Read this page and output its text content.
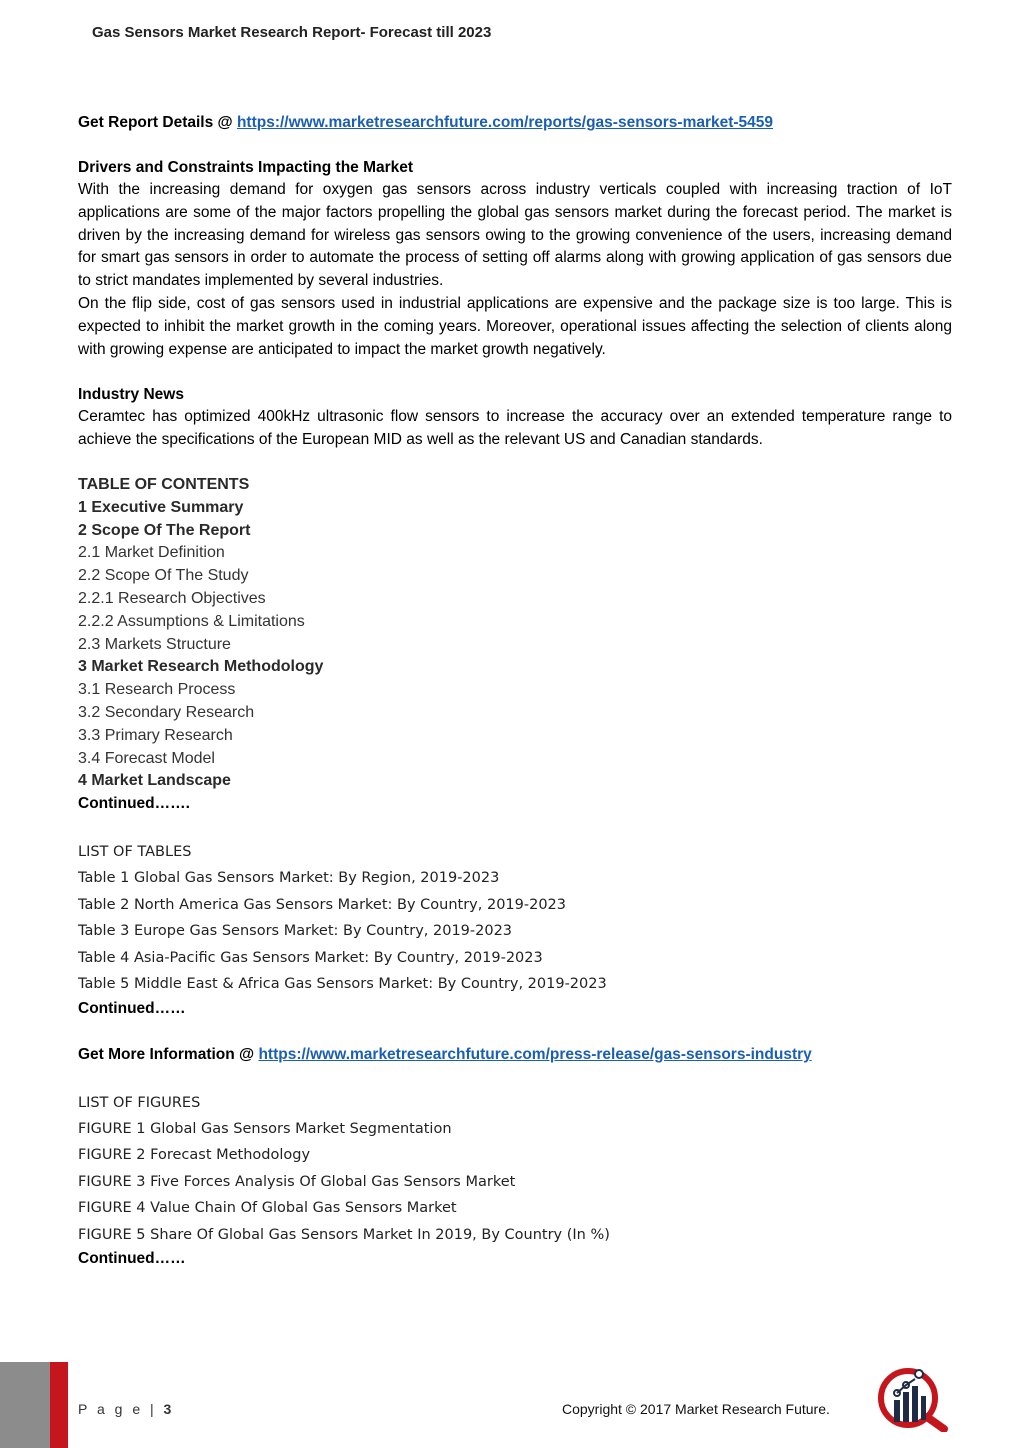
Gas Sensors Market Research Report- Forecast till 2023
Get Report Details @ https://www.marketresearchfuture.com/reports/gas-sensors-market-5459
Drivers and Constraints Impacting the Market

With the increasing demand for oxygen gas sensors across industry verticals coupled with increasing traction of IoT applications are some of the major factors propelling the global gas sensors market during the forecast period. The market is driven by the increasing demand for wireless gas sensors owing to the growing convenience of the users, increasing demand for smart gas sensors in order to automate the process of setting off alarms along with growing application of gas sensors due to strict mandates implemented by several industries.

On the flip side, cost of gas sensors used in industrial applications are expensive and the package size is too large. This is expected to inhibit the market growth in the coming years. Moreover, operational issues affecting the selection of clients along with growing expense are anticipated to impact the market growth negatively.

Industry News

Ceramtec has optimized 400kHz ultrasonic flow sensors to increase the accuracy over an extended temperature range to achieve the specifications of the European MID as well as the relevant US and Canadian standards.

TABLE OF CONTENTS
1 Executive Summary
2 Scope Of The Report
2.1 Market Definition
2.2 Scope Of The Study
2.2.1 Research Objectives
2.2.2 Assumptions & Limitations
2.3 Markets Structure
3 Market Research Methodology
3.1 Research Process
3.2 Secondary Research
3.3 Primary Research
3.4 Forecast Model
4 Market Landscape
Continued…….
LIST OF TABLES
Table 1 Global Gas Sensors Market: By Region, 2019-2023
Table 2 North America Gas Sensors Market: By Country, 2019-2023
Table 3 Europe Gas Sensors Market: By Country, 2019-2023
Table 4 Asia-Pacific Gas Sensors Market: By Country, 2019-2023
Table 5 Middle East & Africa Gas Sensors Market: By Country, 2019-2023
Continued……
Get More Information @ https://www.marketresearchfuture.com/press-release/gas-sensors-industry
LIST OF FIGURES
FIGURE 1 Global Gas Sensors Market Segmentation
FIGURE 2 Forecast Methodology
FIGURE 3 Five Forces Analysis Of Global Gas Sensors Market
FIGURE 4 Value Chain Of Global Gas Sensors Market
FIGURE 5 Share Of Global Gas Sensors Market In 2019, By Country (In %)
Continued……
P a g e | 3	Copyright © 2017 Market Research Future.
